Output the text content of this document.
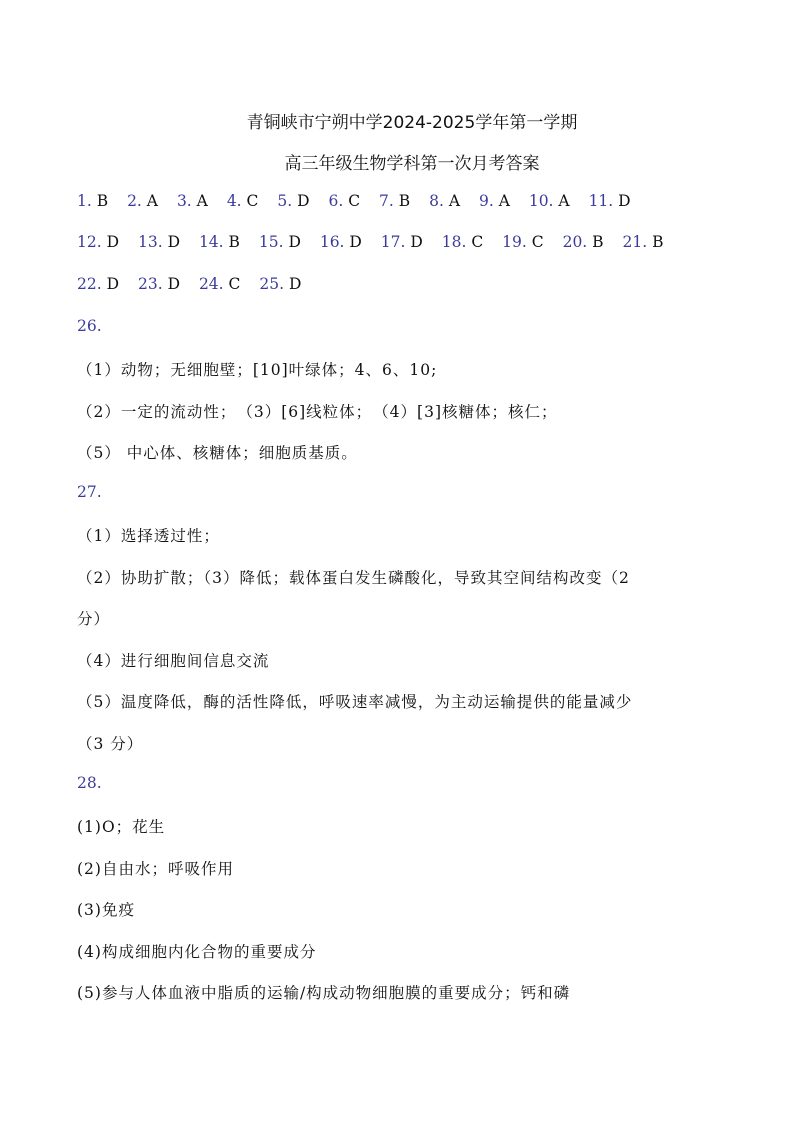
青铜峡市宁朔中学2024-2025学年第一学期
高三年级生物学科第一次月考答案
1. B 2. A 3. A 4. C 5. D 6. C 7. B 8. A 9. A 10. A 11. D
12. D 13. D 14. B 15. D 16. D 17. D 18. C 19. C 20. B 21. B
22. D 23. D 24. C 25. D
26.
（1）动物；无细胞壁；[10]叶绿体；4、6、10;
（2）一定的流动性；　（3）[6]线粒体；　（4）[3]核糖体；核仁；
（5） 中心体、核糖体；细胞质基质。
27.
（1）选择透过性；
（2）协助扩散；（3）降低；载体蛋白发生磷酸化，导致其空间结构改变（2
分）
（4）进行细胞间信息交流
（5）温度降低，酶的活性降低，呼吸速率减慢，为主动运输提供的能量减少
（3 分）
28.
(1)O；花生
(2)自由水；呼吸作用
(3)免疫
(4)构成细胞内化合物的重要成分
(5)参与人体血液中脂质的运输/构成动物细胞膜的重要成分；钙和磷
